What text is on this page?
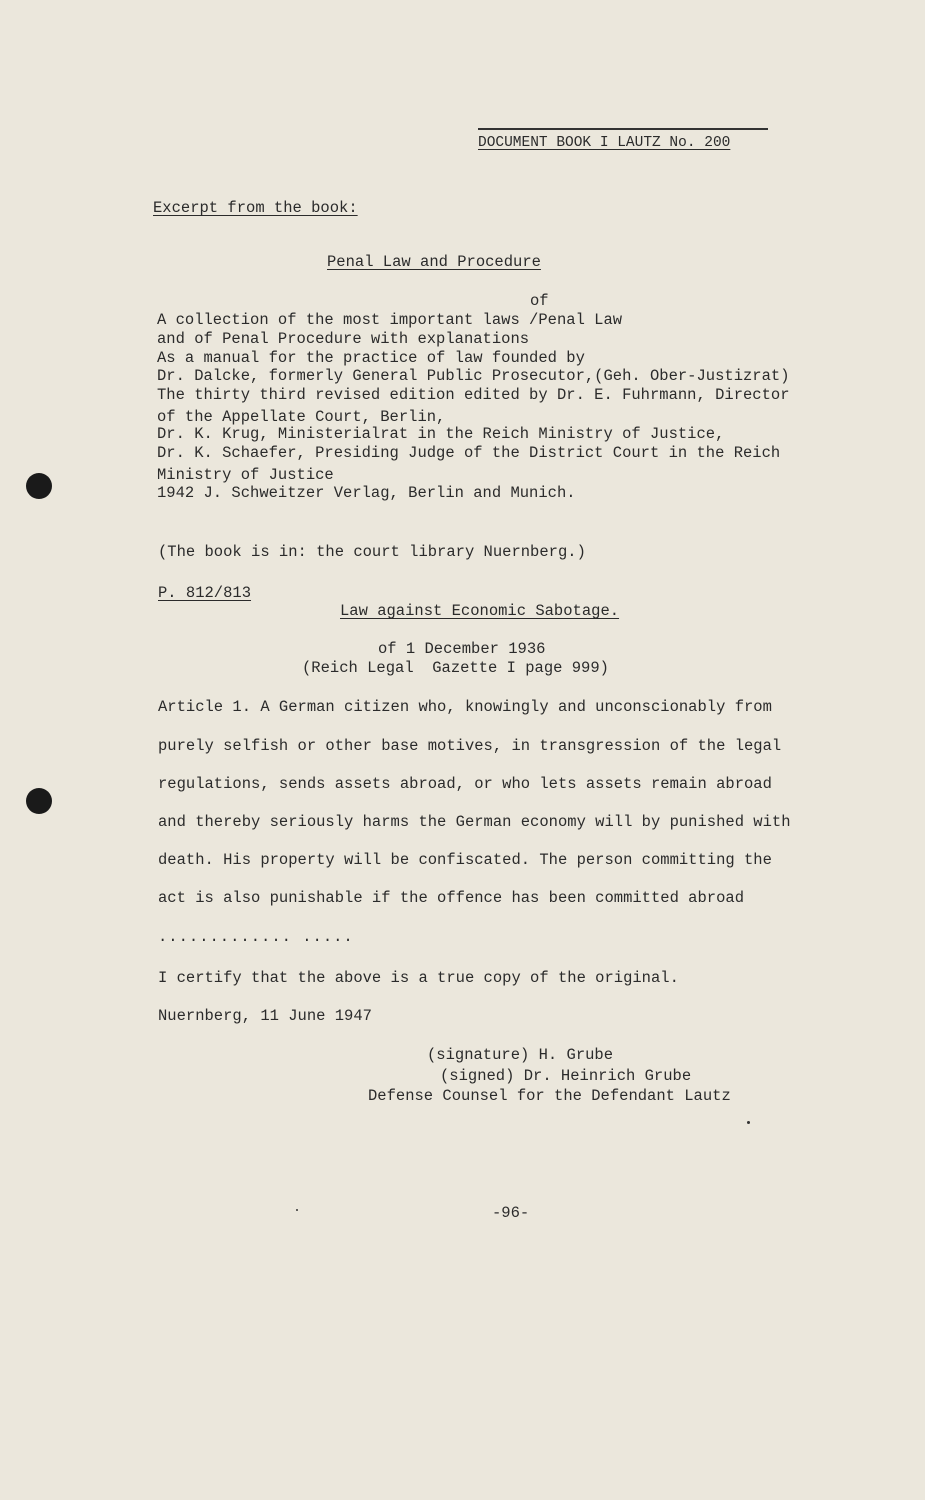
DOCUMENT BOOK I LAUTZ No. 200
Excerpt from the book:
Penal Law and Procedure
of
A collection of the most important laws /Penal Law
and of Penal Procedure with explanations
As a manual for the practice of law founded by
Dr. Dalcke, formerly General Public Prosecutor,(Geh. Ober-Justizrat)
The thirty third revised edition edited by Dr. E. Fuhrmann, Director
of the Appellate Court, Berlin,
Dr. K. Krug, Ministerialrat in the Reich Ministry of Justice,
Dr. K. Schaefer, Presiding Judge of the District Court in the Reich
Ministry of Justice
1942 J. Schweitzer Verlag, Berlin and Munich.
(The book is in: the court library Nuernberg.)
P. 812/813
Law against Economic Sabotage.
of 1 December 1936
(Reich Legal  Gazette I page 999)
Article 1. A German citizen who, knowingly and unconscionably from
purely selfish or other base motives, in transgression of the legal
regulations, sends assets abroad, or who lets assets remain abroad
and thereby seriously harms the German economy will by punished with
death. His property will be confiscated. The person committing the
act is also punishable if the offence has been committed abroad
............. .....
I certify that the above is a true copy of the original.
Nuernberg, 11 June 1947
(signature) H. Grube
(signed) Dr. Heinrich Grube
Defense Counsel for the Defendant Lautz
-96-
